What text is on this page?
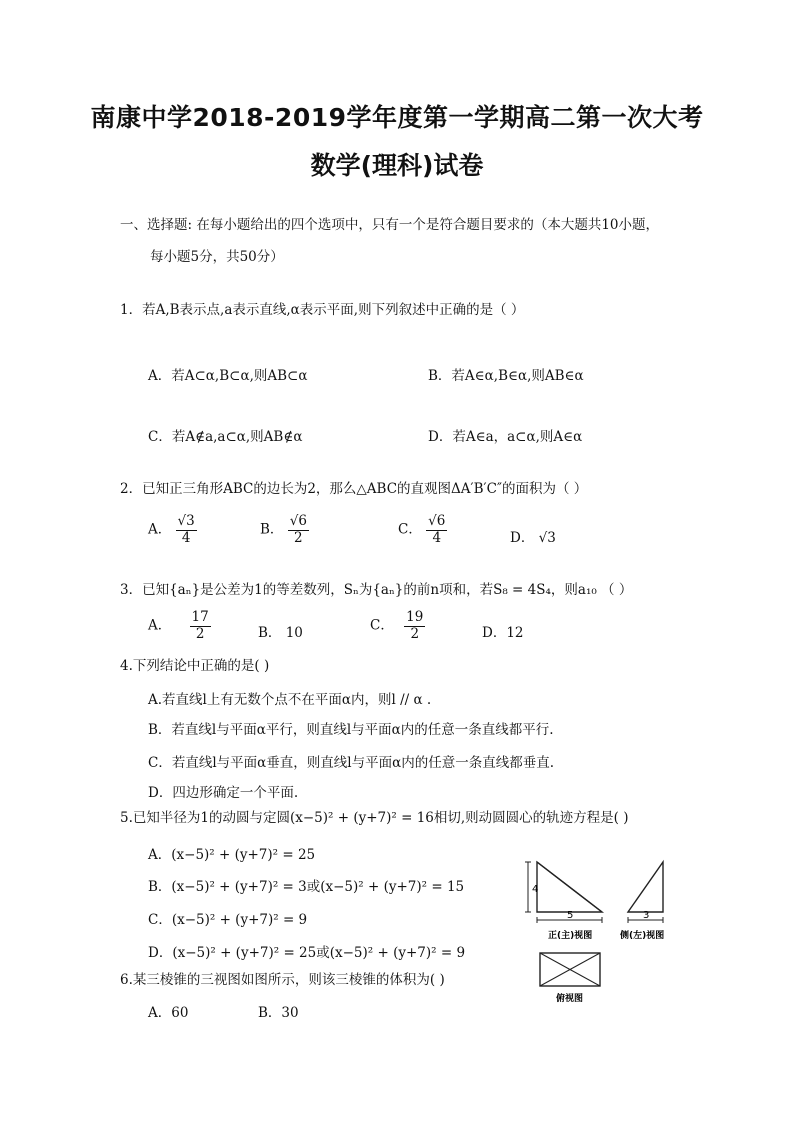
南康中学2018-2019学年度第一学期高二第一次大考
数学(理科)试卷
一、选择题: 在每小题给出的四个选项中，只有一个是符合题目要求的（本大题共10小题，
每小题5分，共50分）
1．若A,B表示点,a表示直线,α表示平面,则下列叙述中正确的是（ ）
A．若A⊂α,B⊂α,则AB⊂α	B．若A∈α,B∈α,则AB∈α
C．若A∉a,a⊂α,则AB∉α	D．若A∈a，a⊂α,则A∈α
2．已知正三角形ABC的边长为2，那么△ABC的直观图ΔA′B′C″的面积为（ ）
A． $\frac{√3}{4}$	B． $\frac{√6}{2}$	C． $\frac{√6}{4}$	D． √3
3．已知{aₙ}是公差为1的等差数列，Sₙ为{aₙ}的前n项和，若S₈ = 4S₄，则a₁₀ （ ）
A． $\frac{17}{2}$	B． 10	C． $\frac{19}{2}$	D．12
4.下列结论中正确的是( )
A.若直线l上有无数个点不在平面α内，则l // α .
B．若直线l与平面α平行，则直线l与平面α内的任意一条直线都平行.
C．若直线l与平面α垂直，则直线l与平面α内的任意一条直线都垂直.
D．四边形确定一个平面.
5.已知半径为1的动圆与定圆(x−5)² + (y+7)² = 16相切,则动圆圆心的轨迹方程是( )
A．(x−5)² + (y+7)² = 25
B．(x−5)² + (y+7)² = 3或(x−5)² + (y+7)² = 15
C．(x−5)² + (y+7)² = 9
D．(x−5)² + (y+7)² = 25或(x−5)² + (y+7)² = 9
6.某三棱锥的三视图如图所示，则该三棱锥的体积为( )
A．60	B．30
4
5
正(主)视图
3
侧(左)视图
俯视图
